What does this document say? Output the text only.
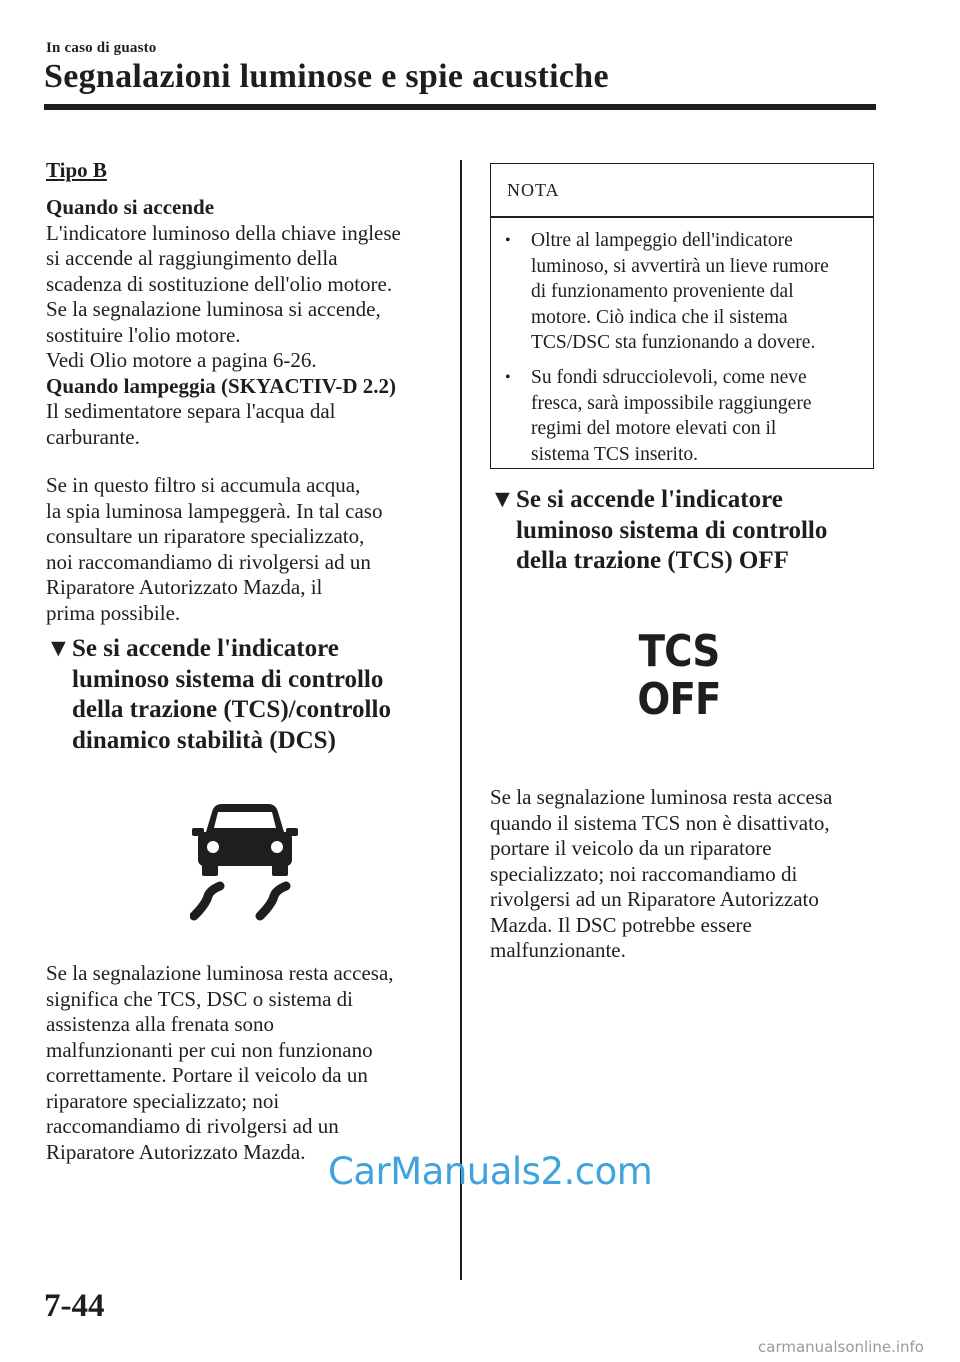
In caso di guasto
Segnalazioni luminose e spie acustiche
Tipo B

Quando si accende

L'indicatore luminoso della chiave inglese

si accende al raggiungimento della

scadenza di sostituzione dell'olio motore.

Se la segnalazione luminosa si accende,

sostituire l'olio motore.

Vedi Olio motore a pagina 6-26.

Quando lampeggia (SKYACTIV-D 2.2)

Il sedimentatore separa l'acqua dal

carburante.

Se in questo filtro si accumula acqua,

la spia luminosa lampeggerà. In tal caso

consultare un riparatore specializzato,

noi raccomandiamo di rivolgersi ad un

Riparatore Autorizzato Mazda, il

prima possibile.

▼ Se si accende l'indicatore
luminoso sistema di controllo
della trazione (TCS)/controllo
dinamico stabilità (DCS)

Se la segnalazione luminosa resta accesa,

significa che TCS, DSC o sistema di

assistenza alla frenata sono

malfunzionanti per cui non funzionano

correttamente. Portare il veicolo da un

riparatore specializzato; noi

raccomandiamo di rivolgersi ad un

Riparatore Autorizzato Mazda.

NOTA
• Oltre al lampeggio dell'indicatore
luminoso, si avvertirà un lieve rumore
di funzionamento proveniente dal
motore. Ciò indica che il sistema
TCS/DSC sta funzionando a dovere.
• Su fondi sdrucciolevoli, come neve
fresca, sarà impossibile raggiungere
regimi del motore elevati con il
sistema TCS inserito.
▼ Se si accende l'indicatore
luminoso sistema di controllo
della trazione (TCS) OFF
TCS
OFF

Se la segnalazione luminosa resta accesa

quando il sistema TCS non è disattivato,

portare il veicolo da un riparatore

specializzato; noi raccomandiamo di

rivolgersi ad un Riparatore Autorizzato

Mazda. Il DSC potrebbe essere

malfunzionante.

CarManuals2.com
7-44
carmanualsonline.info
